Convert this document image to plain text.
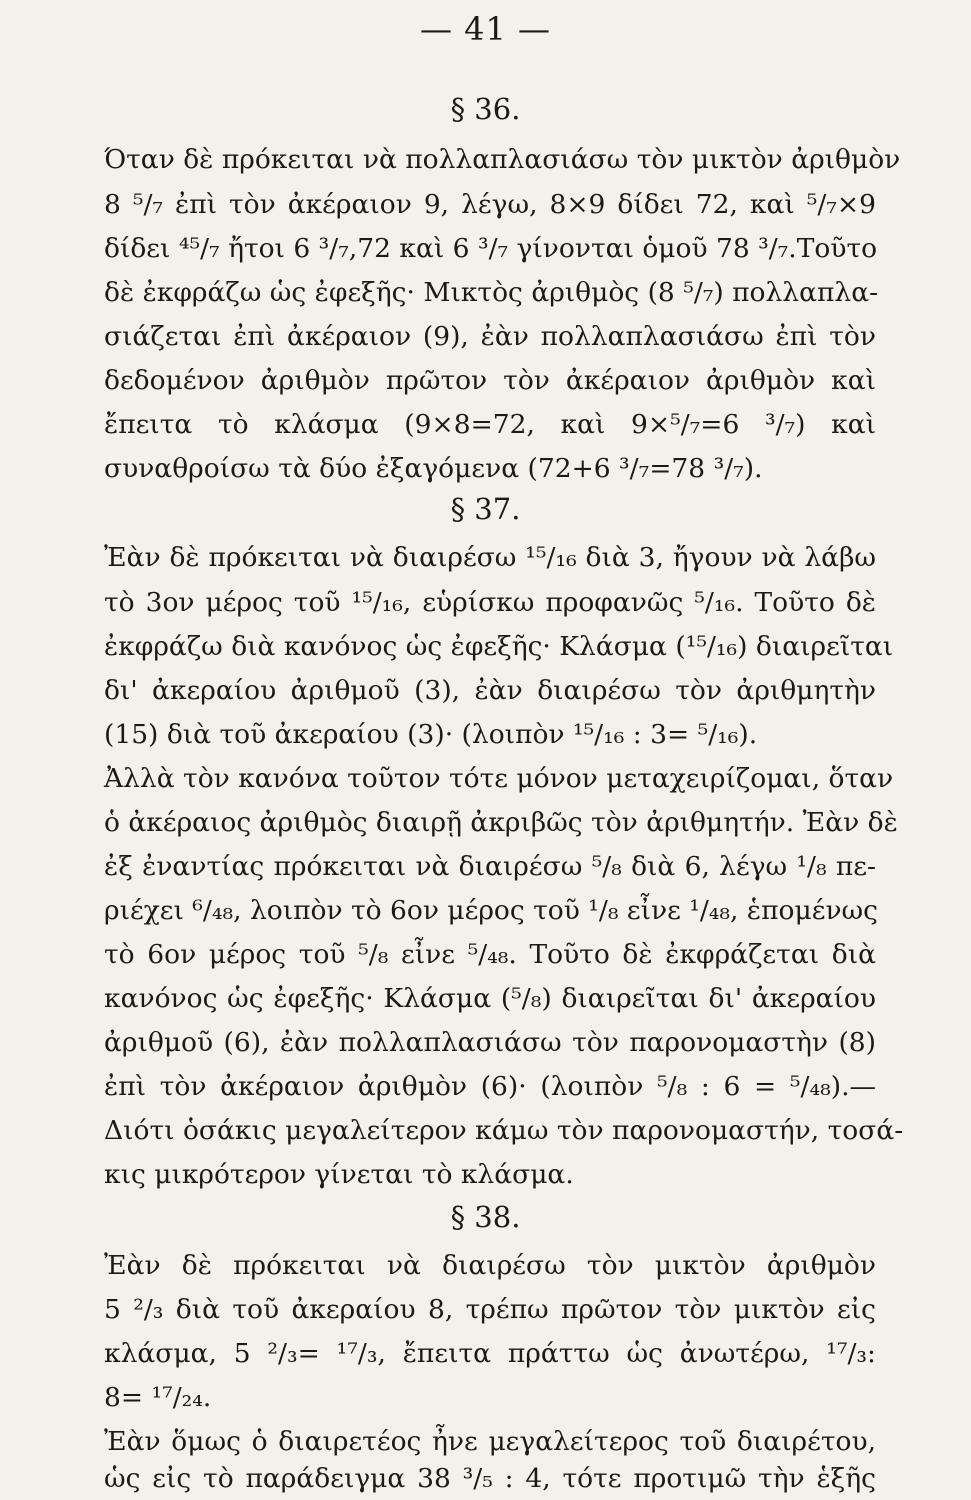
— 41 —
§ 36.
Όταν δὲ πρόκειται νὰ πολλαπλασιάσω τὸν μικτὸν ἀριθμὸν
8 ⁵/₇ ἐπὶ τὸν ἀκέραιον 9, λέγω, 8×9 δίδει 72, καὶ ⁵/₇×9
δίδει ⁴⁵/₇ ἤτοι 6 ³/₇,72 καὶ 6 ³/₇ γίνονται ὁμοῦ 78 ³/₇.Τοῦτο
δὲ ἐκφράζω ὡς ἐφεξῆς· Μικτὸς ἀριθμὸς (8 ⁵/₇) πολλαπλα-
σιάζεται ἐπὶ ἀκέραιον (9), ἐὰν πολλαπλασιάσω ἐπὶ τὸν
δεδομένον ἀριθμὸν πρῶτον τὸν ἀκέραιον ἀριθμὸν καὶ
ἔπειτα τὸ κλάσμα (9×8=72, καὶ 9×⁵/₇=6 ³/₇) καὶ
συναθροίσω τὰ δύο ἐξαγόμενα (72+6 ³/₇=78 ³/₇).
§ 37.
Ἐὰν δὲ πρόκειται νὰ διαιρέσω ¹⁵/₁₆ διὰ 3, ἤγουν νὰ λάβω
τὸ 3ον μέρος τοῦ ¹⁵/₁₆, εὑρίσκω προφανῶς ⁵/₁₆. Τοῦτο δὲ
ἐκφράζω διὰ κανόνος ὡς ἐφεξῆς· Κλάσμα (¹⁵/₁₆) διαιρεῖται
δι' ἀκεραίου ἀριθμοῦ (3), ἐὰν διαιρέσω τὸν ἀριθμητὴν
(15) διὰ τοῦ ἀκεραίου (3)· (λοιπὸν ¹⁵/₁₆ : 3= ⁵/₁₆).
Ἀλλὰ τὸν κανόνα τοῦτον τότε μόνον μεταχειρίζομαι, ὅταν
ὁ ἀκέραιος ἀριθμὸς διαιρῇ ἀκριβῶς τὸν ἀριθμητήν. Ἐὰν δὲ
ἐξ ἐναντίας πρόκειται νὰ διαιρέσω ⁵/₈ διὰ 6, λέγω ¹/₈ πε-
ριέχει ⁶/₄₈, λοιπὸν τὸ 6ον μέρος τοῦ ¹/₈ εἶνε ¹/₄₈, ἑπομένως
τὸ 6ον μέρος τοῦ ⁵/₈ εἶνε ⁵/₄₈. Τοῦτο δὲ ἐκφράζεται διὰ
κανόνος ὡς ἐφεξῆς· Κλάσμα (⁵/₈) διαιρεῖται δι' ἀκεραίου
ἀριθμοῦ (6), ἐὰν πολλαπλασιάσω τὸν παρονομαστὴν (8)
ἐπὶ τὸν ἀκέραιον ἀριθμὸν (6)· (λοιπὸν ⁵/₈ : 6 = ⁵/₄₈).—
Διότι ὁσάκις μεγαλείτερον κάμω τὸν παρονομαστήν, τοσά-
κις μικρότερον γίνεται τὸ κλάσμα.
§ 38.
Ἐὰν δὲ πρόκειται νὰ διαιρέσω τὸν μικτὸν ἀριθμὸν
5 ²/₃ διὰ τοῦ ἀκεραίου 8, τρέπω πρῶτον τὸν μικτὸν εἰς
κλάσμα, 5 ²/₃= ¹⁷/₃, ἔπειτα πράττω ὡς ἀνωτέρω, ¹⁷/₃:
8= ¹⁷/₂₄.
Ἐὰν ὅμως ὁ διαιρετέος ἦνε μεγαλείτερος τοῦ διαιρέτου,
ὡς εἰς τὸ παράδειγμα 38 ³/₅ : 4, τότε προτιμῶ τὴν ἑξῆς
